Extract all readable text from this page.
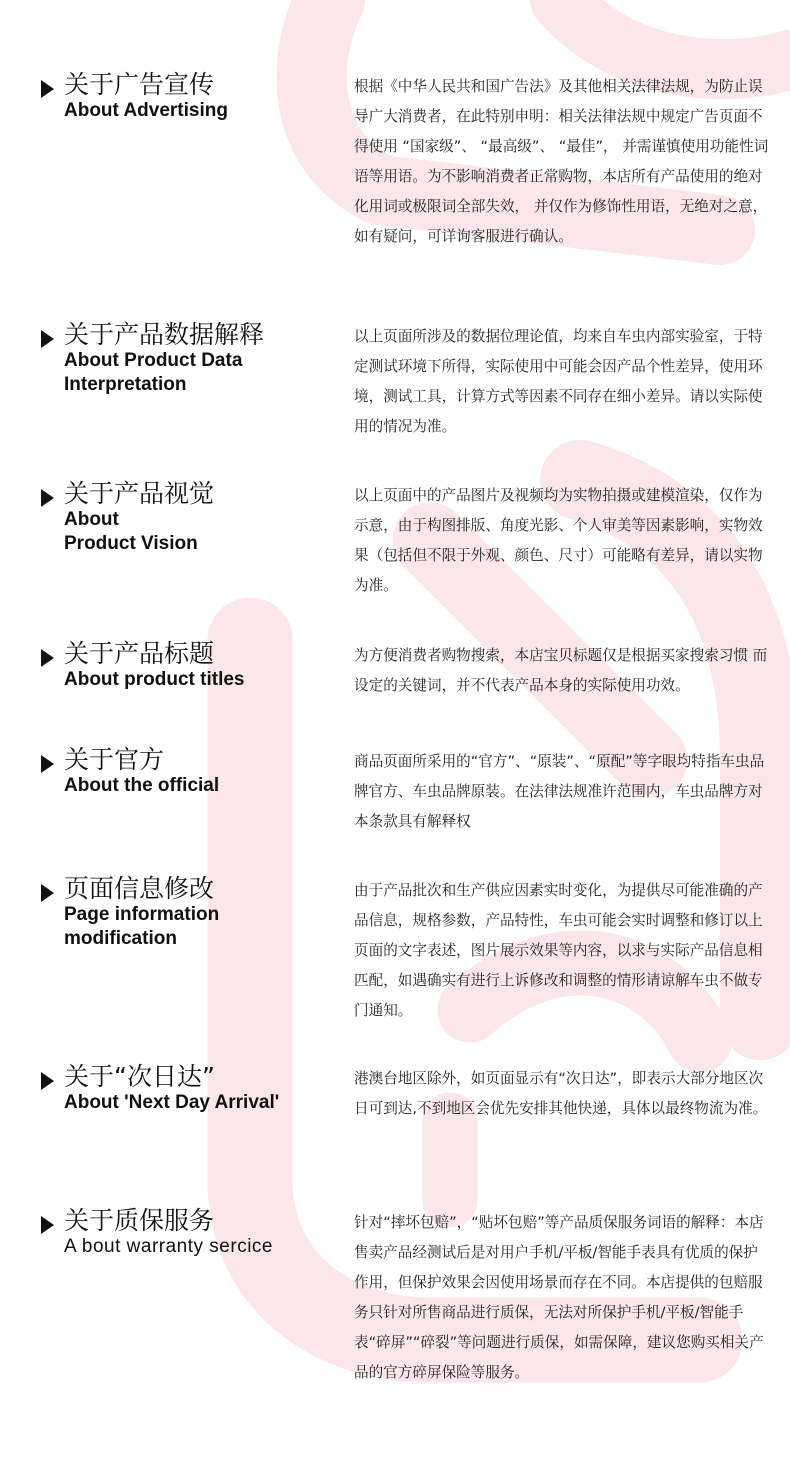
关于广告宣传
About Advertising
根据《中华人民共和国广告法》及其他相关法律法规，为防止误导广大消费者，在此特别申明：相关法律法规中规定广告页面不得使用 “国家级”、 “最高级”、 “最佳”， 并需谨慎使用功能性词语等用语。为不影响消费者正常购物，本店所有产品使用的绝对化用词或极限词全部失效， 并仅作为修饰性用语，无绝对之意，如有疑问，可详询客服进行确认。
关于产品数据解释
About Product Data
Interpretation
以上页面所涉及的数据位理论值，均来自车虫内部实验室，于特定测试环境下所得，实际使用中可能会因产品个性差异，使用环境，测试工具，计算方式等因素不同存在细小差异。请以实际使用的情况为准。
关于产品视觉
About
Product Vision
以上页面中的产品图片及视频均为实物拍摄或建模渲染，仅作为示意，由于构图排版、角度光影、个人审美等因素影响，实物效果（包括但不限于外观、颜色、尺寸）可能略有差异，请以实物为准。
关于产品标题
About product titles
为方便消费者购物搜索，本店宝贝标题仅是根据买家搜索习惯 而设定的关键词，并不代表产品本身的实际使用功效。
关于官方
About the official
商品页面所采用的“官方”、“原装”、“原配”等字眼均特指车虫品牌官方、车虫品牌原装。在法律法规准许范围内，车虫品牌方对本条款具有解释权
页面信息修改
Page information
modification
由于产品批次和生产供应因素实时变化，为提供尽可能准确的产品信息，规格参数，产品特性，车虫可能会实时调整和修订以上页面的文字表述，图片展示效果等内容，以求与实际产品信息相匹配，如遇确实有进行上诉修改和调整的情形请谅解车虫不做专门通知。
关于“次日达”
About 'Next Day Arrival'
港澳台地区除外，如页面显示有“次日达”，即表示大部分地区次日可到达,不到地区会优先安排其他快递，具体以最终物流为准。
关于质保服务
A bout warranty sercice
针对“摔坏包赔”，“贴坏包赔”等产品质保服务词语的解释：本店售卖产品经测试后是对用户手机/平板/智能手表具有优质的保护作用，但保护效果会因使用场景而存在不同。本店提供的包赔服务只针对所售商品进行质保，无法对所保护手机/平板/智能手表“碎屏”“碎裂”等问题进行质保，如需保障，建议您购买相关产品的官方碎屏保险等服务。
